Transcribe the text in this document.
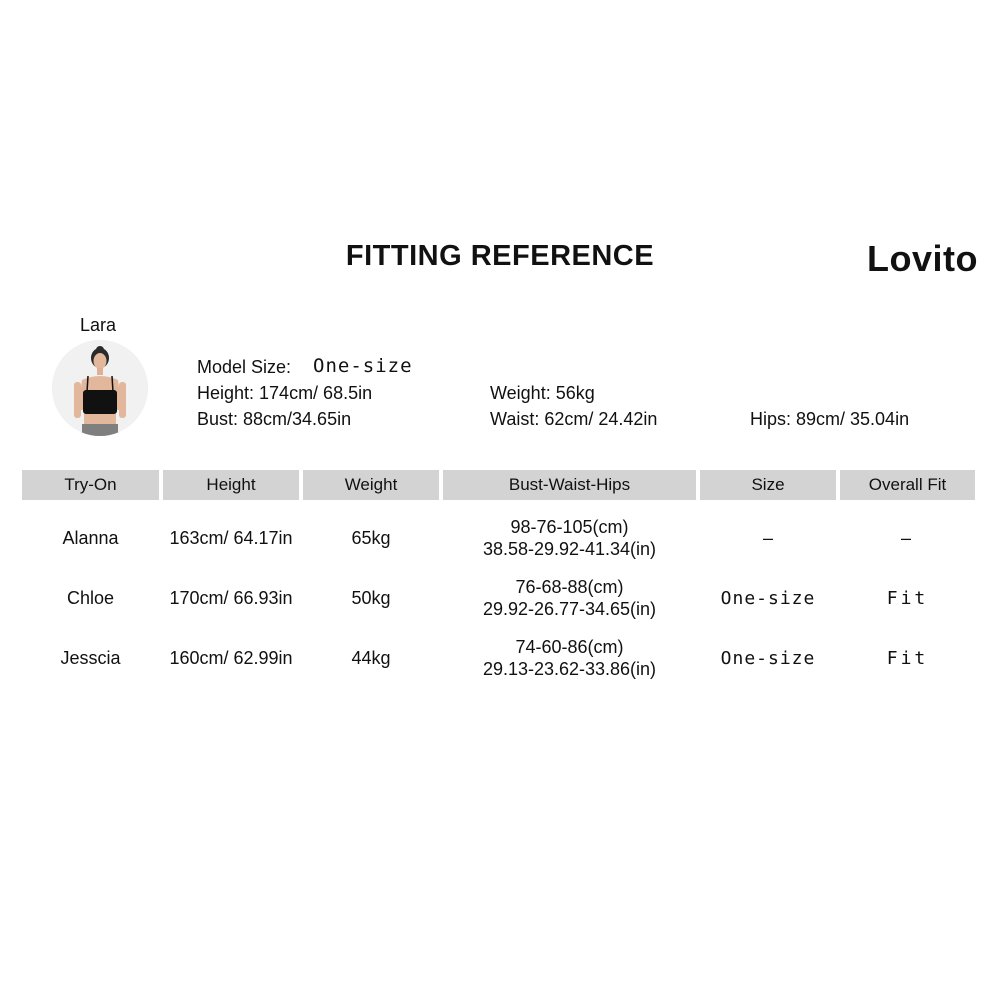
FITTING REFERENCE	Lovito
Lara
Model Size: One-size
Height: 174cm/ 68.5in	Weight: 56kg
Bust: 88cm/34.65in	Waist: 62cm/ 24.42in	Hips: 89cm/ 35.04in
Try-On	Height	Weight	Bust-Waist-Hips	Size	Overall Fit
Alanna	163cm/ 64.17in	65kg	98-76-105(cm)
38.58-29.92-41.34(in)	–	–
Chloe	170cm/ 66.93in	50kg	76-68-88(cm)
29.92-26.77-34.65(in)	One-size	Fit
Jesscia	160cm/ 62.99in	44kg	74-60-86(cm)
29.13-23.62-33.86(in)	One-size	Fit
